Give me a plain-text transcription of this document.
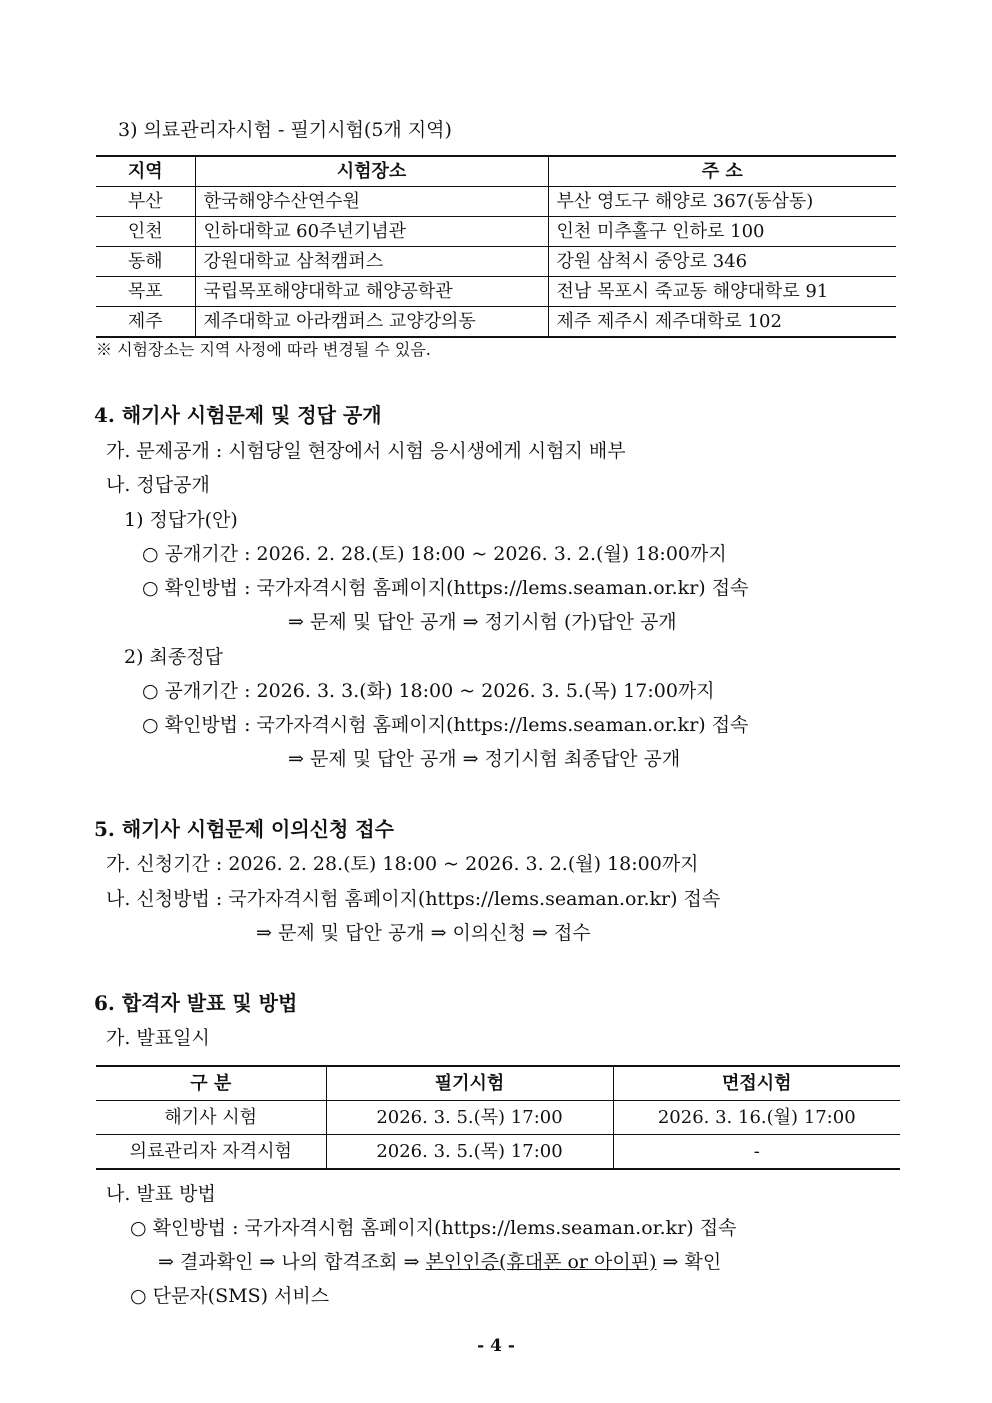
3) 의료관리자시험 - 필기시험(5개 지역)
지역	시험장소	주 소
부산	한국해양수산연수원	부산 영도구 해양로 367(동삼동)
인천	인하대학교 60주년기념관	인천 미추홀구 인하로 100
동해	강원대학교 삼척캠퍼스	강원 삼척시 중앙로 346
목포	국립목포해양대학교 해양공학관	전남 목포시 죽교동 해양대학로 91
제주	제주대학교 아라캠퍼스 교양강의동	제주 제주시 제주대학로 102
※ 시험장소는 지역 사정에 따라 변경될 수 있음.
4. 해기사 시험문제 및 정답 공개
가. 문제공개 : 시험당일 현장에서 시험 응시생에게 시험지 배부
나. 정답공개
1) 정답가(안)
○ 공개기간 : 2026. 2. 28.(토) 18:00 ~ 2026. 3. 2.(월) 18:00까지
○ 확인방법 : 국가자격시험 홈페이지(https://lems.seaman.or.kr) 접속
⇒ 문제 및 답안 공개 ⇒ 정기시험 (가)답안 공개
2) 최종정답
○ 공개기간 : 2026. 3. 3.(화) 18:00 ~ 2026. 3. 5.(목) 17:00까지
○ 확인방법 : 국가자격시험 홈페이지(https://lems.seaman.or.kr) 접속
⇒ 문제 및 답안 공개 ⇒ 정기시험 최종답안 공개
5. 해기사 시험문제 이의신청 접수
가. 신청기간 : 2026. 2. 28.(토) 18:00 ~ 2026. 3. 2.(월) 18:00까지
나. 신청방법 : 국가자격시험 홈페이지(https://lems.seaman.or.kr) 접속
⇒ 문제 및 답안 공개 ⇒ 이의신청 ⇒ 접수
6. 합격자 발표 및 방법
가. 발표일시
구 분	필기시험	면접시험
해기사 시험	2026. 3. 5.(목) 17:00	2026. 3. 16.(월) 17:00
의료관리자 자격시험	2026. 3. 5.(목) 17:00	-
나. 발표 방법
○ 확인방법 : 국가자격시험 홈페이지(https://lems.seaman.or.kr) 접속
⇒ 결과확인 ⇒ 나의 합격조회 ⇒ 본인인증(휴대폰 or 아이핀) ⇒ 확인
○ 단문자(SMS) 서비스
- 4 -
